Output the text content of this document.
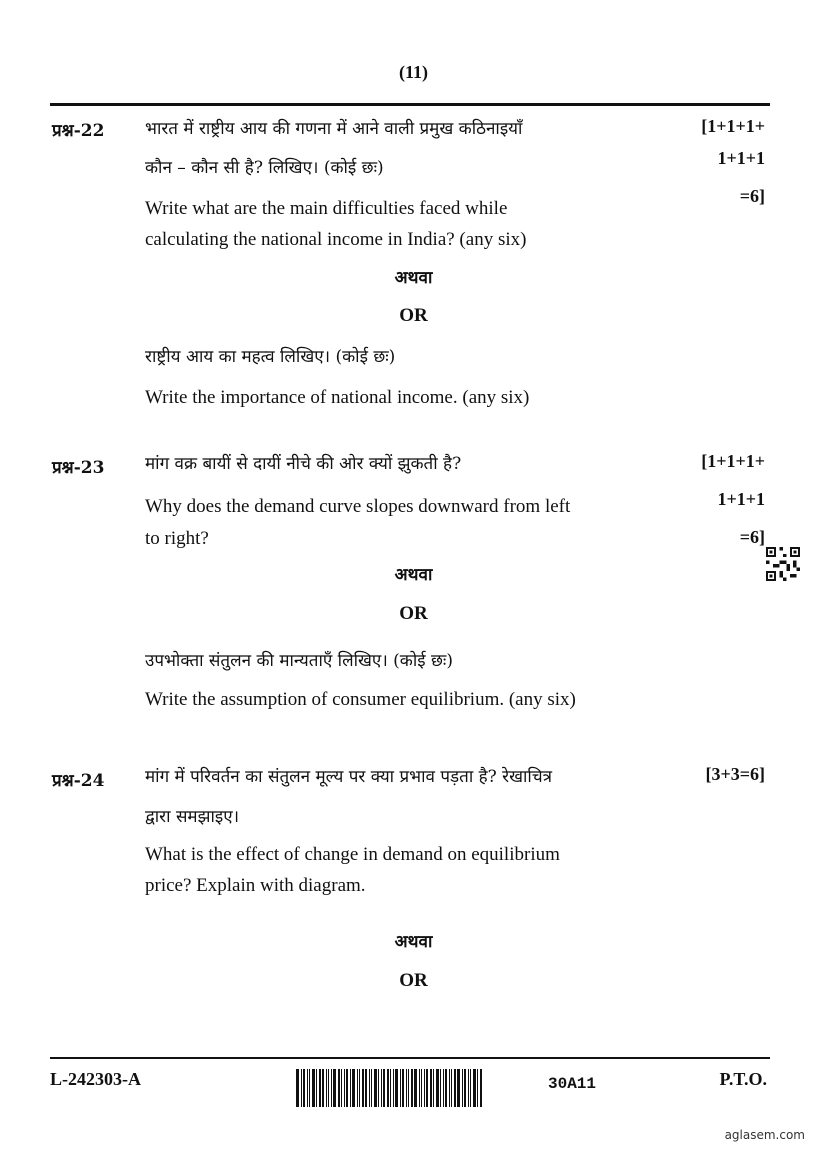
(11)
प्रश्न-22 भारत में राष्ट्रीय आय की गणना में आने वाली प्रमुख कठिनाइयाँ
कौन – कौन सी है? लिखिए। (कोई छः)
Write what are the main difficulties faced while
calculating the national income in India? (any six)
[1+1+1+
1+1+1
=6]
अथवा
OR
राष्ट्रीय आय का महत्व लिखिए। (कोई छः)
Write the importance of national income. (any six)
प्रश्न-23 मांग वक्र बायीं से दायीं नीचे की ओर क्यों झुकती है?
Why does the demand curve slopes downward from left
to right?
[1+1+1+
1+1+1
=6]
अथवा
OR
उपभोक्ता संतुलन की मान्यताएँ लिखिए। (कोई छः)
Write the assumption of consumer equilibrium. (any six)
प्रश्न-24 मांग में परिवर्तन का संतुलन मूल्य पर क्या प्रभाव पड़ता है? रेखाचित्र
द्वारा समझाइए।
What is the effect of change in demand on equilibrium
price? Explain with diagram.
[3+3=6]
अथवा
OR
L-242303-A	30A11	P.T.O.
aglasem.com
